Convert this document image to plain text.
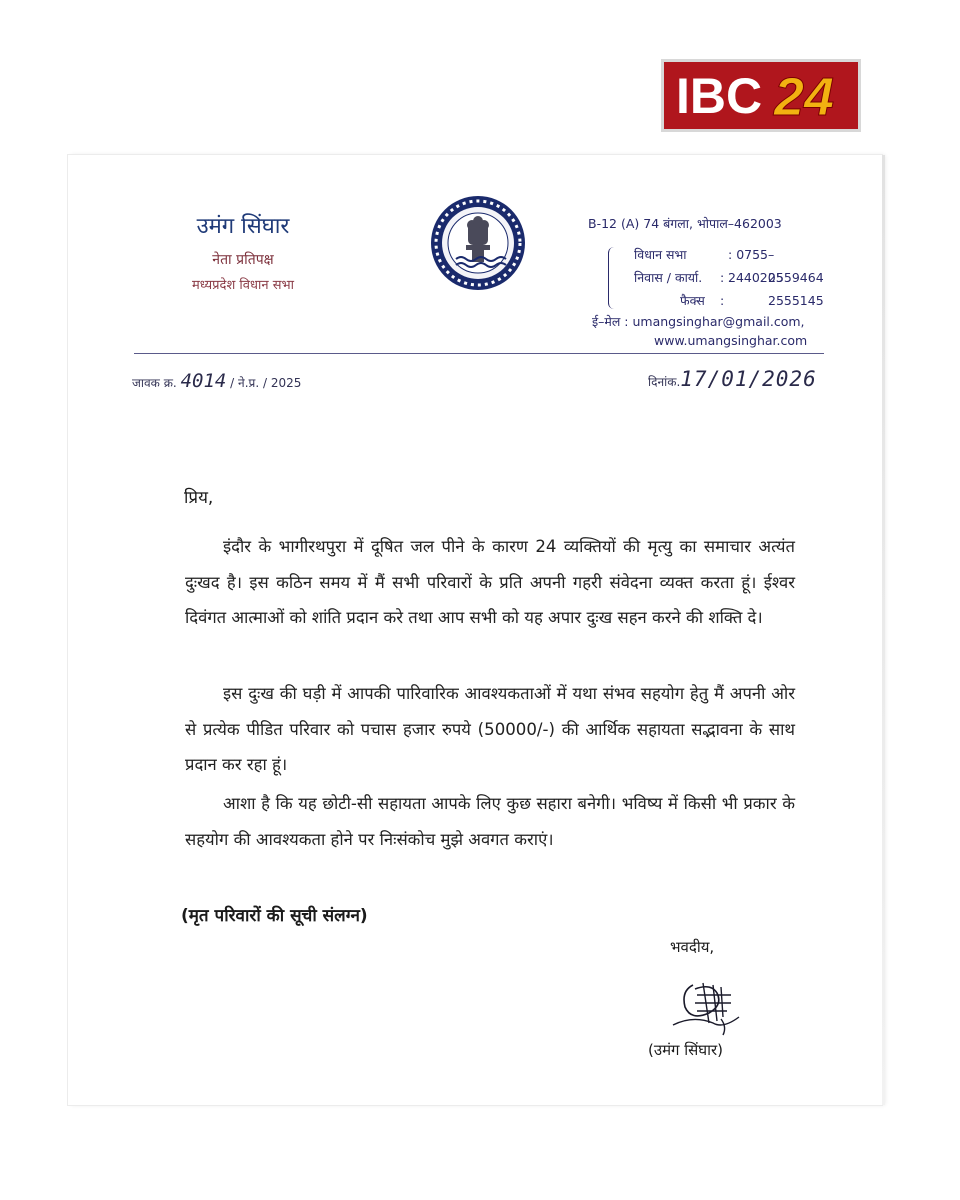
IBC 24
उमंग सिंघार
नेता प्रतिपक्ष
मध्यप्रदेश विधान सभा
B-12 (A) 74 बंगला, भोपाल–462003
विधान सभा	: 0755–2440205
निवास / कार्या. :	2559464
फैक्स :	2555145
ई–मेल : umangsinghar@gmail.com,
www.umangsinghar.com
जावक क्र. 4014 / ने.प्र. / 2025	दिनांक.17/01/2026
प्रिय,
इंदौर के भागीरथपुरा में दूषित जल पीने के कारण 24 व्यक्तियों की मृत्यु का समाचार अत्यंत दुःखद है। इस कठिन समय में मैं सभी परिवारों के प्रति अपनी गहरी संवेदना व्यक्त करता हूं। ईश्वर दिवंगत आत्माओं को शांति प्रदान करे तथा आप सभी को यह अपार दुःख सहन करने की शक्ति दे।
इस दुःख की घड़ी में आपकी पारिवारिक आवश्यकताओं में यथा संभव सहयोग हेतु मैं अपनी ओर से प्रत्येक पीडित परिवार को पचास हजार रुपये (50000/-) की आर्थिक सहायता सद्भावना के साथ प्रदान कर रहा हूं।
आशा है कि यह छोटी-सी सहायता आपके लिए कुछ सहारा बनेगी। भविष्य में किसी भी प्रकार के सहयोग की आवश्यकता होने पर निःसंकोच मुझे अवगत कराएं।
(मृत परिवारों की सूची संलग्न)
भवदीय,
(उमंग सिंघार)
